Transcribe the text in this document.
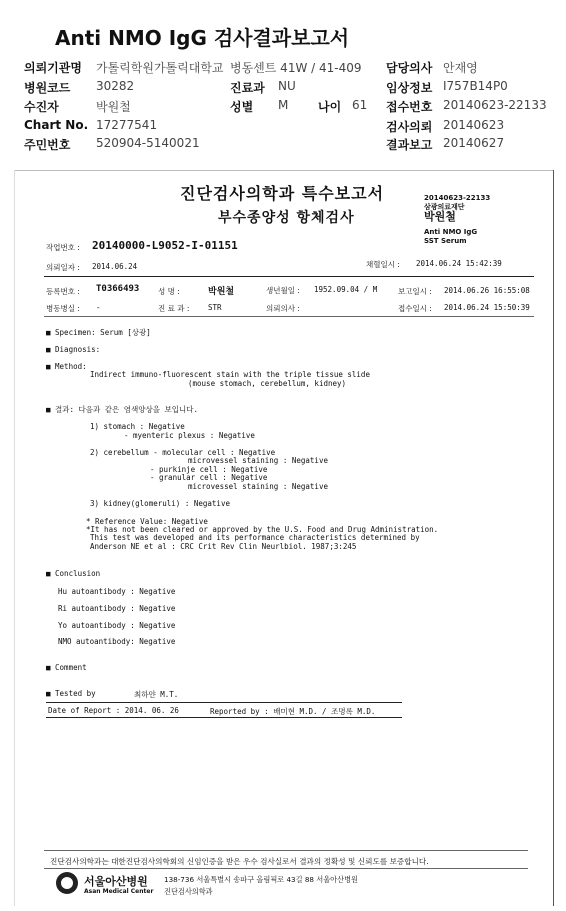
Anti NMO IgG 검사결과보고서
의뢰기관명 가톨릭학원가톨릭대학교 병동센트 41W / 41-409 담당의사 안재영
병원코드 30282	진료과 NU	임상정보 I757B14P0
수진자	박원철	성별 M 나이 61 접수번호 20140623-22133
Chart No. 17277541	검사의뢰 20140623
주민번호 520904-5140021	결과보고 20140627
진단검사의학과 특수보고서
부수종양성 항체검사
20140623-22133
삼광의료재단
박원철
Anti NMO IgG
SST Serum
작업번호 : 20140000-L9052-I-01151
의뢰일자 : 2014.06.24	채혈일시 : 2014.06.24 15:42:39
등록번호 : T0366493 성 명 :	박원철	생년월일 : 1952.09.04 / M	보고일시 : 2014.06.26 16:55:08
병동병실 : -	진 료 과 : STR	의뢰의사 :	접수일시 : 2014.06.24 15:50:39
■ Specimen: Serum [상광]
■ Diagnosis:
■ Method:
Indirect immuno-fluorescent stain with the triple tissue slide
(mouse stomach, cerebellum, kidney)
■ 결과: 다음과 같은 염색양상을 보입니다.
1) stomach : Negative
- myenteric plexus : Negative
2) cerebellum - molecular cell : Negative
microvessel staining : Negative
- purkinje cell : Negative
- granular cell : Negative
microvessel staining : Negative
3) kidney(glomeruli) : Negative
* Reference Value: Negative
*It has not been cleared or approved by the U.S. Food and Drug Administration.
This test was developed and its performance characteristics determined by
Anderson NE et al : CRC Crit Rev Clin Neurlbiol. 1987;3:245
■ Conclusion
Hu autoantibody : Negative
Ri autoantibody : Negative
Yo autoantibody : Negative
NMO autoantibody: Negative
■ Comment
■ Tested by	최하얀 M.T.
Date of Report : 2014. 06. 26	Reported by : 배미현 M.D. / 조명록 M.D.
진단검사의학과는 대한진단검사의학회의 신임인증을 받은 우수 검사실로서 결과의 정확성 및 신뢰도를 보증합니다.
서울아산병원
Asan Medical Center
138-736 서울특별시 송파구 올림픽로 43길 88 서울아산병원
진단검사의학과
